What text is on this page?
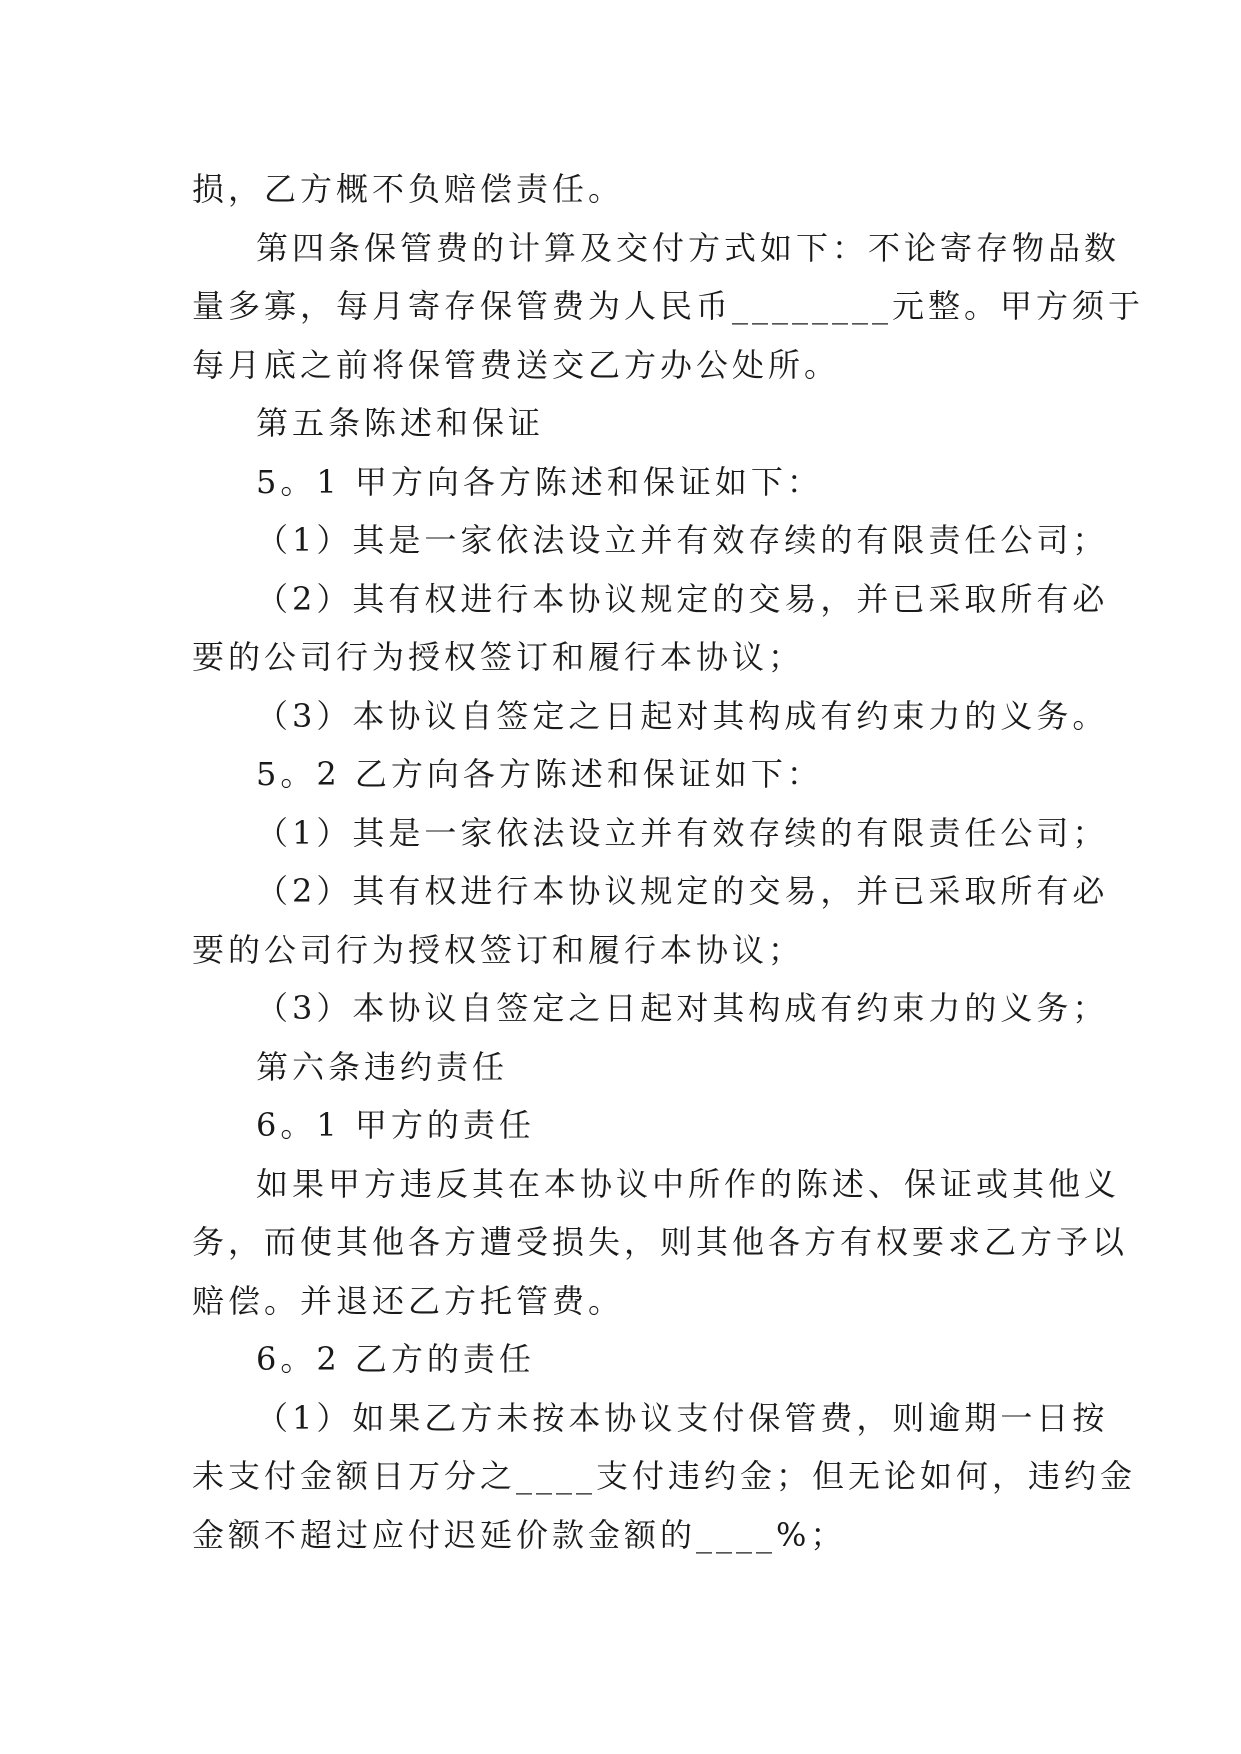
损，乙方概不负赔偿责任。
第四条保管费的计算及交付方式如下：不论寄存物品数
量多寡，每月寄存保管费为人民币________元整。甲方须于
每月底之前将保管费送交乙方办公处所。
第五条陈述和保证
5。1 甲方向各方陈述和保证如下：
（1）其是一家依法设立并有效存续的有限责任公司；
（2）其有权进行本协议规定的交易，并已采取所有必
要的公司行为授权签订和履行本协议；
（3）本协议自签定之日起对其构成有约束力的义务。
5。2 乙方向各方陈述和保证如下：
（1）其是一家依法设立并有效存续的有限责任公司；
（2）其有权进行本协议规定的交易，并已采取所有必
要的公司行为授权签订和履行本协议；
（3）本协议自签定之日起对其构成有约束力的义务；
第六条违约责任
6。1 甲方的责任
如果甲方违反其在本协议中所作的陈述、保证或其他义
务，而使其他各方遭受损失，则其他各方有权要求乙方予以
赔偿。并退还乙方托管费。
6。2 乙方的责任
（1）如果乙方未按本协议支付保管费，则逾期一日按
未支付金额日万分之____支付违约金；但无论如何，违约金
金额不超过应付迟延价款金额的____%；
